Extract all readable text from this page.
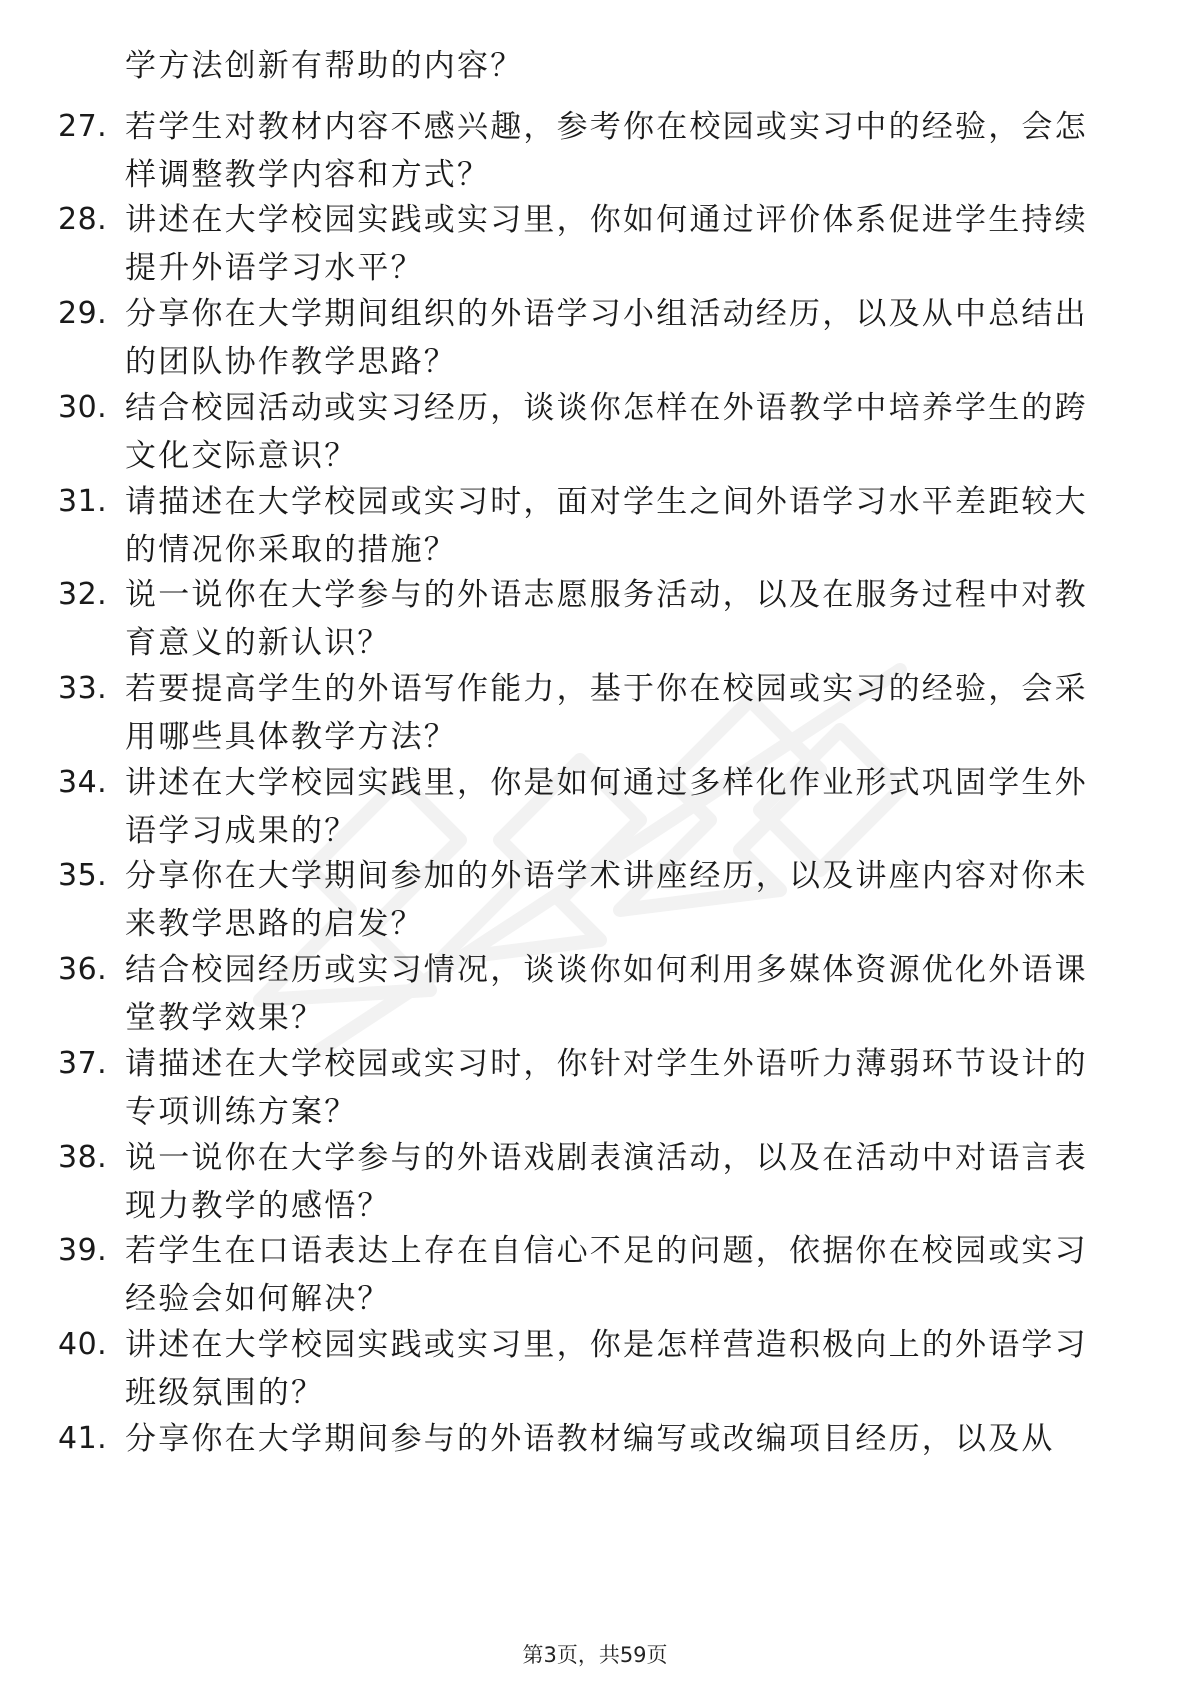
学方法创新有帮助的内容？
27. 若学生对教材内容不感兴趣，参考你在校园或实习中的经验，会怎样调整教学内容和方式？
28. 讲述在大学校园实践或实习里，你如何通过评价体系促进学生持续提升外语学习水平？
29. 分享你在大学期间组织的外语学习小组活动经历，以及从中总结出的团队协作教学思路？
30. 结合校园活动或实习经历，谈谈你怎样在外语教学中培养学生的跨文化交际意识？
31. 请描述在大学校园或实习时，面对学生之间外语学习水平差距较大的情况你采取的措施？
32. 说一说你在大学参与的外语志愿服务活动，以及在服务过程中对教育意义的新认识？
33. 若要提高学生的外语写作能力，基于你在校园或实习的经验，会采用哪些具体教学方法？
34. 讲述在大学校园实践里，你是如何通过多样化作业形式巩固学生外语学习成果的？
35. 分享你在大学期间参加的外语学术讲座经历，以及讲座内容对你未来教学思路的启发？
36. 结合校园经历或实习情况，谈谈你如何利用多媒体资源优化外语课堂教学效果？
37. 请描述在大学校园或实习时，你针对学生外语听力薄弱环节设计的专项训练方案？
38. 说一说你在大学参与的外语戏剧表演活动，以及在活动中对语言表现力教学的感悟？
39. 若学生在口语表达上存在自信心不足的问题，依据你在校园或实习经验会如何解决？
40. 讲述在大学校园实践或实习里，你是怎样营造积极向上的外语学习班级氛围的？
41. 分享你在大学期间参与的外语教材编写或改编项目经历，以及从
第3页，共59页
